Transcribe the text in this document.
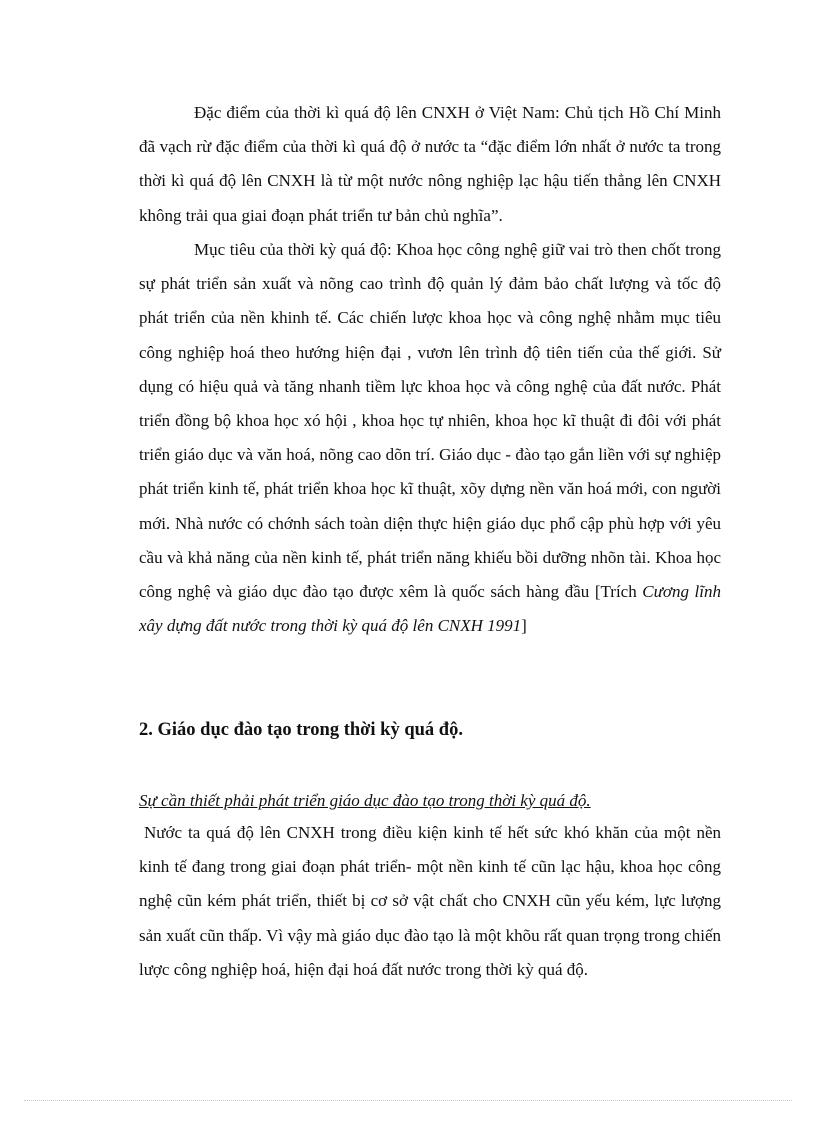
Đặc điểm của thời kì quá độ lên CNXH ở Việt Nam: Chủ tịch Hồ Chí Minh đã vạch rừ đặc điểm của thời kì quá độ ở nước ta “đặc điểm lớn nhất ở nước ta trong thời kì quá độ lên CNXH là từ một nước nông nghiệp lạc hậu tiến thẳng lên CNXH không trải qua giai đoạn phát triển tư bản chủ nghĩa”.

Mục tiêu của thời kỳ quá độ: Khoa học công nghệ giữ vai trò then chốt trong sự phát triển sản xuất và nõng cao trình độ quản lý đảm bảo chất lượng và tốc độ phát triển của nền khinh tế. Các chiến lược khoa học và công nghệ nhằm mục tiêu công nghiệp hoá theo hướng hiện đại , vươn lên trình độ tiên tiến của thế giới. Sử dụng có hiệu quả và tăng nhanh tiềm lực khoa học và công nghệ của đất nước. Phát triển đồng bộ khoa học xó hội , khoa học tự nhiên, khoa học kĩ thuật đi đôi với phát triển giáo dục và văn hoá, nõng cao dõn trí. Giáo dục - đào tạo gắn liền với sự nghiệp phát triển kinh tế, phát triển khoa học kĩ thuật, xõy dựng nền văn hoá mới, con người mới. Nhà nước có chớnh sách toàn diện thực hiện giáo dục phổ cập phù hợp với yêu cầu và khả năng của nền kinh tế, phát triển năng khiếu bồi dưỡng nhõn tài. Khoa học công nghệ và giáo dục đào tạo được xêm là quốc sách hàng đầu [Trích Cương lĩnh xây dựng đất nước trong thời kỳ quá độ lên CNXH 1991]

2. Giáo dục đào tạo trong thời kỳ quá độ.

Sự cần thiết phải phát triển giáo dục đào tạo trong thời kỳ quá độ.

Nước ta quá độ lên CNXH trong điều kiện kinh tế hết sức khó khăn của một nền kinh tế đang trong giai đoạn phát triển- một nền kinh tế cũn lạc hậu, khoa học công nghệ cũn kém phát triển, thiết bị cơ sở vật chất cho CNXH cũn yếu kém, lực lượng sản xuất cũn thấp. Vì vậy mà giáo dục đào tạo là một khõu rất quan trọng trong chiến lược công nghiệp hoá, hiện đại hoá đất nước trong thời kỳ quá độ.
